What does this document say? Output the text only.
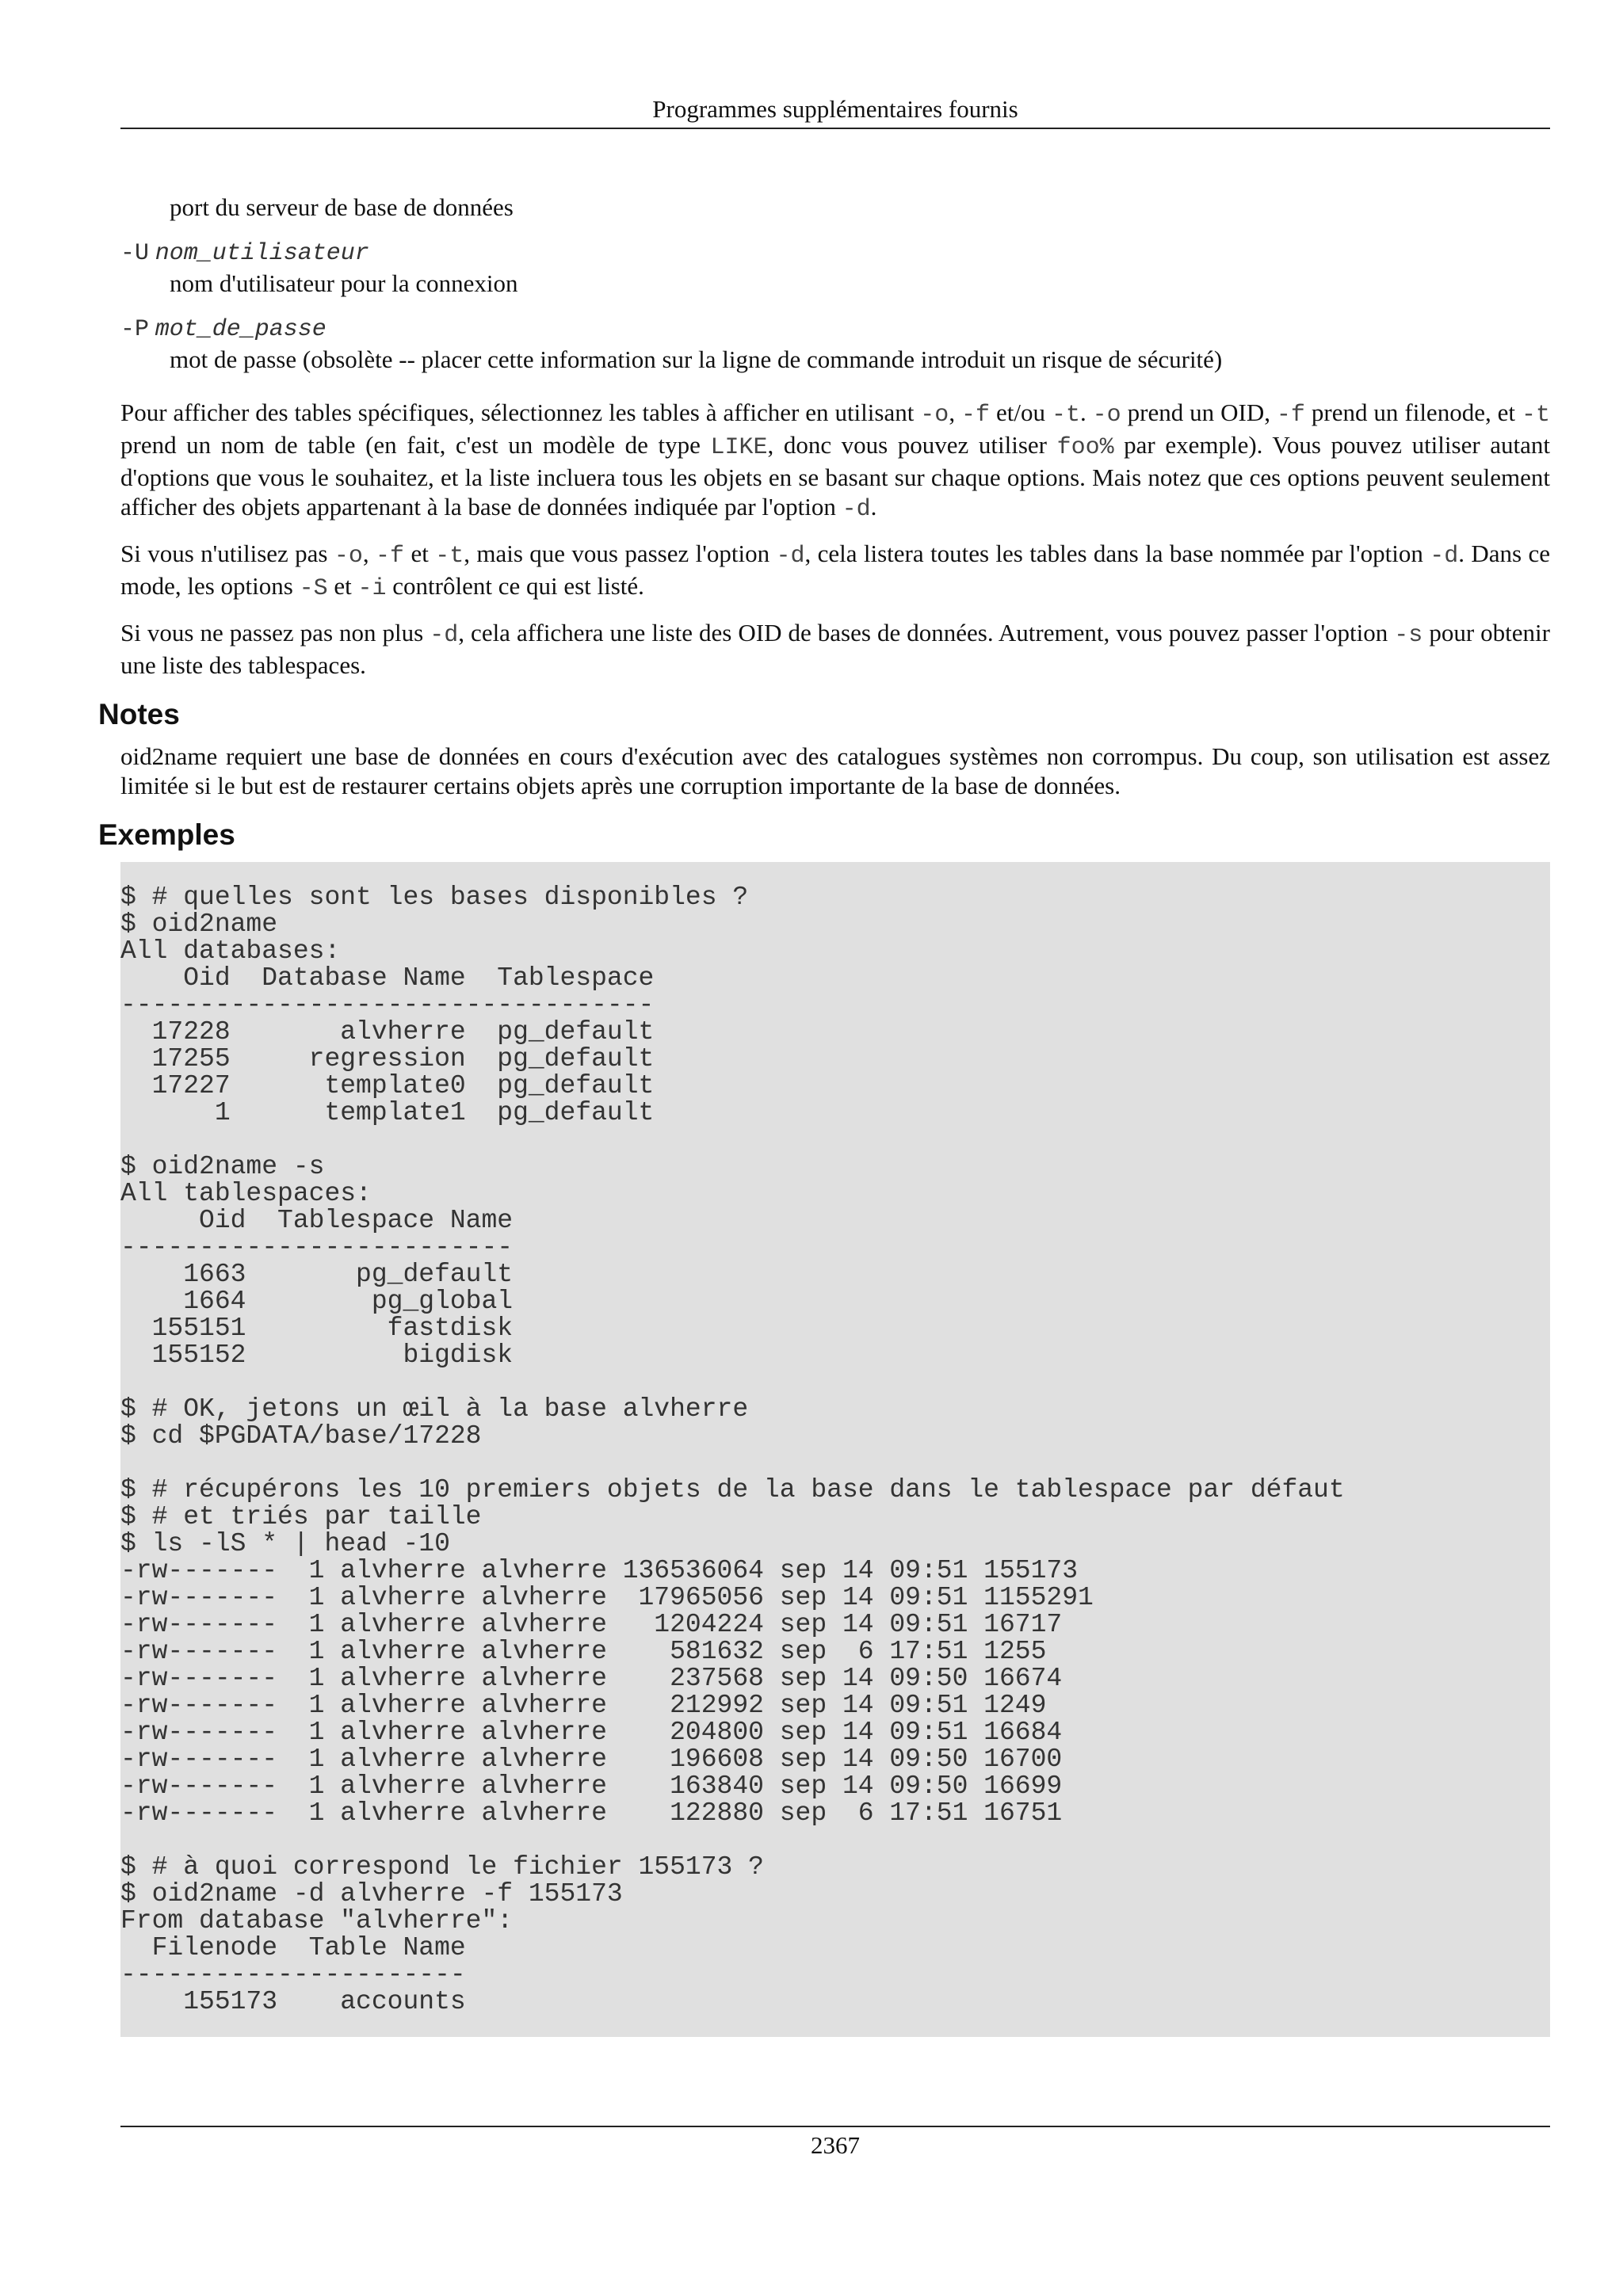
Programmes supplémentaires fournis

port du serveur de base de données

-U nom_utilisateur

nom d'utilisateur pour la connexion

-P mot_de_passe

mot de passe (obsolète -- placer cette information sur la ligne de commande introduit un risque de sécurité)

Pour afficher des tables spécifiques, sélectionnez les tables à afficher en utilisant -o, -f et/ou -t. -o prend un OID, -f prend un filenode, et -t prend un nom de table (en fait, c'est un modèle de type LIKE, donc vous pouvez utiliser foo% par exemple). Vous pouvez utiliser autant d'options que vous le souhaitez, et la liste incluera tous les objets en se basant sur chaque options. Mais notez que ces options peuvent seulement afficher des objets appartenant à la base de données indiquée par l'option -d.

Si vous n'utilisez pas -o, -f et -t, mais que vous passez l'option -d, cela listera toutes les tables dans la base nommée par l'option -d. Dans ce mode, les options -S et -i contrôlent ce qui est listé.

Si vous ne passez pas non plus -d, cela affichera une liste des OID de bases de données. Autrement, vous pouvez passer l'option -s pour obtenir une liste des tablespaces.

Notes

oid2name requiert une base de données en cours d'exécution avec des catalogues systèmes non corrompus. Du coup, son utilisation est assez limitée si le but est de restaurer certains objets après une corruption importante de la base de données.

Exemples
$ # quelles sont les bases disponibles ?
$ oid2name
All databases:
Oid  Database Name  Tablespace
----------------------------------
17228       alvherre  pg_default
17255     regression  pg_default
17227      template0  pg_default
1      template1  pg_default

$ oid2name -s
All tablespaces:
Oid  Tablespace Name
-------------------------
1663       pg_default
1664        pg_global
155151         fastdisk
155152          bigdisk

$ # OK, jetons un œil à la base alvherre
$ cd $PGDATA/base/17228

$ # récupérons les 10 premiers objets de la base dans le tablespace par défaut
$ # et triés par taille
$ ls -lS * | head -10
-rw-------  1 alvherre alvherre 136536064 sep 14 09:51 155173
-rw-------  1 alvherre alvherre  17965056 sep 14 09:51 1155291
-rw-------  1 alvherre alvherre   1204224 sep 14 09:51 16717
-rw-------  1 alvherre alvherre    581632 sep  6 17:51 1255
-rw-------  1 alvherre alvherre    237568 sep 14 09:50 16674
-rw-------  1 alvherre alvherre    212992 sep 14 09:51 1249
-rw-------  1 alvherre alvherre    204800 sep 14 09:51 16684
-rw-------  1 alvherre alvherre    196608 sep 14 09:50 16700
-rw-------  1 alvherre alvherre    163840 sep 14 09:50 16699
-rw-------  1 alvherre alvherre    122880 sep  6 17:51 16751

$ # à quoi correspond le fichier 155173 ?
$ oid2name -d alvherre -f 155173
From database "alvherre":
Filenode  Table Name
----------------------
155173    accounts
2367
